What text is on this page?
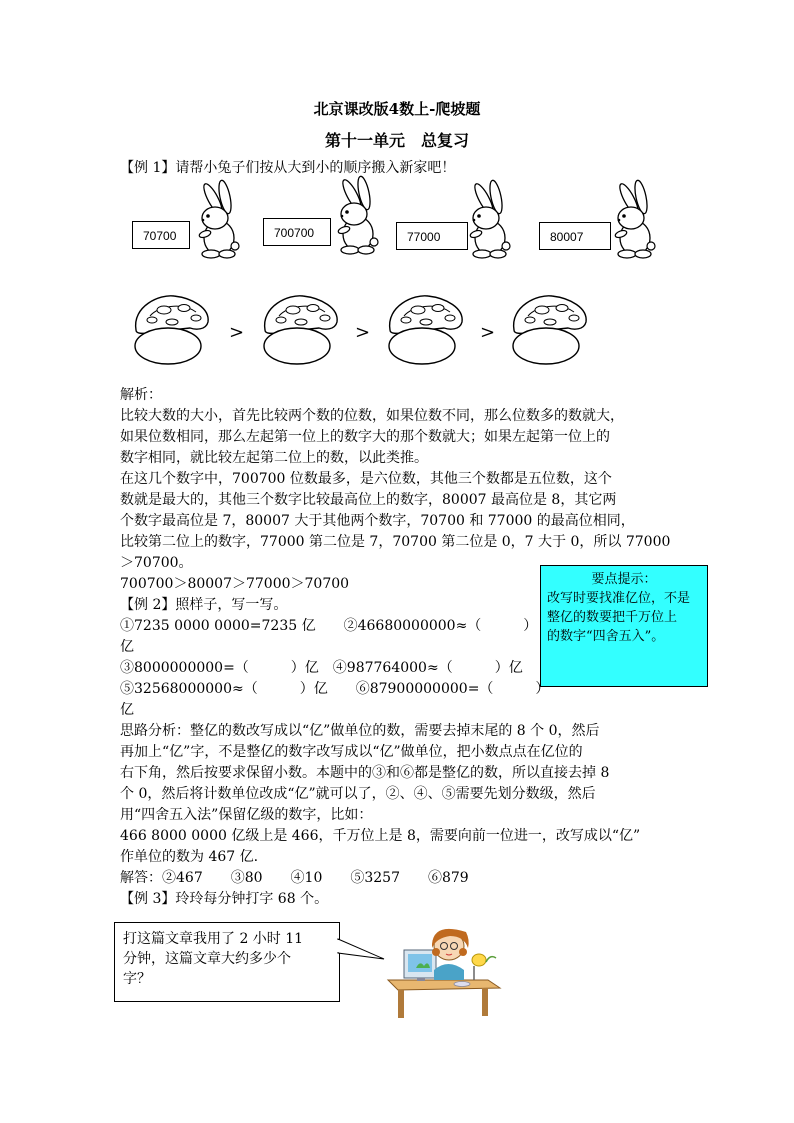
北京课改版4数上-爬坡题
第十一单元　总复习
【例 1】请帮小兔子们按从大到小的顺序搬入新家吧！
70700	700700	77000	80007
>	>	>
解析：
比较大数的大小，首先比较两个数的位数，如果位数不同，那么位数多的数就大，
如果位数相同，那么左起第一位上的数字大的那个数就大；如果左起第一位上的
数字相同，就比较左起第二位上的数，以此类推。
在这几个数字中，700700 位数最多，是六位数，其他三个数都是五位数，这个
数就是最大的，其他三个数字比较最高位上的数字，80007 最高位是 8，其它两
个数字最高位是 7，80007 大于其他两个数字，70700 和 77000 的最高位相同，
比较第二位上的数字，77000 第二位是 7，70700 第二位是 0，7 大于 0，所以 77000
＞70700。
700700＞80007＞77000＞70700	要点提示：
改写时要找准亿位，不是
整亿的数要把千万位上
的数字“四舍五入”。
【例 2】照样子，写一写。
①7235 0000 0000=7235 亿　　②46680000000≈（　　　）
亿
③8000000000=（　　　）亿　④987764000≈（　　　）亿
⑤32568000000≈（　　　）亿　　⑥87900000000=（　　　）
亿
思路分析：整亿的数改写成以“亿”做单位的数，需要去掉末尾的 8 个 0，然后
再加上“亿”字，不是整亿的数字改写成以“亿”做单位，把小数点点在亿位的
右下角，然后按要求保留小数。本题中的③和⑥都是整亿的数，所以直接去掉 8
个 0，然后将计数单位改成“亿”就可以了，②、④、⑤需要先划分数级，然后
用“四舍五入法”保留亿级的数字，比如：
466 8000 0000 亿级上是 466，千万位上是 8，需要向前一位进一，改写成以“亿”
作单位的数为 467 亿.
解答：②467　　③80　　④10　　⑤3257　　⑥879
【例 3】玲玲每分钟打字 68 个。
打这篇文章我用了 2 小时 11
分钟，这篇文章大约多少个
字？
